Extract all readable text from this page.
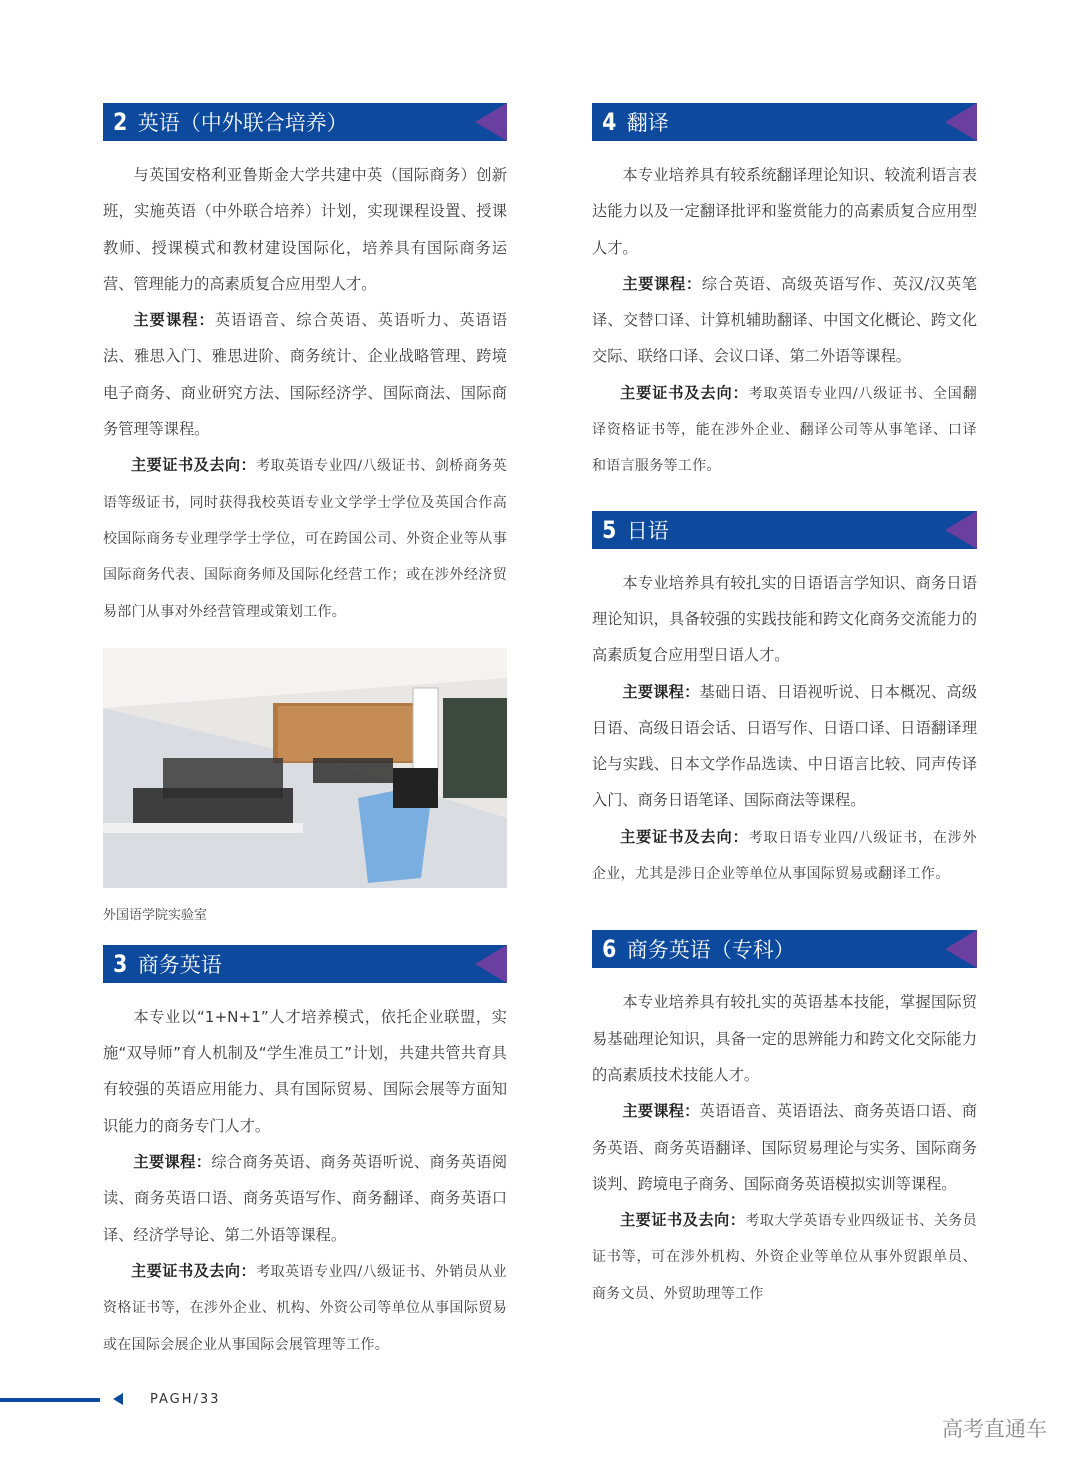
2 英语（中外联合培养）

与英国安格利亚鲁斯金大学共建中英（国际商务）创新班，实施英语（中外联合培养）计划，实现课程设置、授课教师、授课模式和教材建设国际化，培养具有国际商务运营、管理能力的高素质复合应用型人才。

主要课程：英语语音、综合英语、英语听力、英语语法、雅思入门、雅思进阶、商务统计、企业战略管理、跨境电子商务、商业研究方法、国际经济学、国际商法、国际商务管理等课程。

主要证书及去向：考取英语专业四/八级证书、剑桥商务英语等级证书，同时获得我校英语专业文学学士学位及英国合作高校国际商务专业理学学士学位，可在跨国公司、外资企业等从事国际商务代表、国际商务师及国际化经营工作；或在涉外经济贸易部门从事对外经营管理或策划工作。

外国语学院实验室
3 商务英语

本专业以“1+N+1”人才培养模式，依托企业联盟，实施“双导师”育人机制及“学生准员工”计划，共建共管共育具有较强的英语应用能力、具有国际贸易、国际会展等方面知识能力的商务专门人才。

主要课程：综合商务英语、商务英语听说、商务英语阅读、商务英语口语、商务英语写作、商务翻译、商务英语口译、经济学导论、第二外语等课程。

主要证书及去向：考取英语专业四/八级证书、外销员从业资格证书等，在涉外企业、机构、外资公司等单位从事国际贸易或在国际会展企业从事国际会展管理等工作。

4 翻译

本专业培养具有较系统翻译理论知识、较流利语言表达能力以及一定翻译批评和鉴赏能力的高素质复合应用型人才。

主要课程：综合英语、高级英语写作、英汉/汉英笔译、交替口译、计算机辅助翻译、中国文化概论、跨文化交际、联络口译、会议口译、第二外语等课程。

主要证书及去向：考取英语专业四/八级证书、全国翻译资格证书等，能在涉外企业、翻译公司等从事笔译、口译和语言服务等工作。

5 日语

本专业培养具有较扎实的日语语言学知识、商务日语理论知识，具备较强的实践技能和跨文化商务交流能力的高素质复合应用型日语人才。

主要课程：基础日语、日语视听说、日本概况、高级日语、高级日语会话、日语写作、日语口译、日语翻译理论与实践、日本文学作品选读、中日语言比较、同声传译入门、商务日语笔译、国际商法等课程。

主要证书及去向：考取日语专业四/八级证书，在涉外企业，尤其是涉日企业等单位从事国际贸易或翻译工作。

6 商务英语（专科）

本专业培养具有较扎实的英语基本技能，掌握国际贸易基础理论知识，具备一定的思辨能力和跨文化交际能力的高素质技术技能人才。

主要课程：英语语音、英语语法、商务英语口语、商务英语、商务英语翻译、国际贸易理论与实务、国际商务谈判、跨境电子商务、国际商务英语模拟实训等课程。

主要证书及去向：考取大学英语专业四级证书、关务员证书等，可在涉外机构、外资企业等单位从事外贸跟单员、商务文员、外贸助理等工作

PAGH/33
高考直通车
